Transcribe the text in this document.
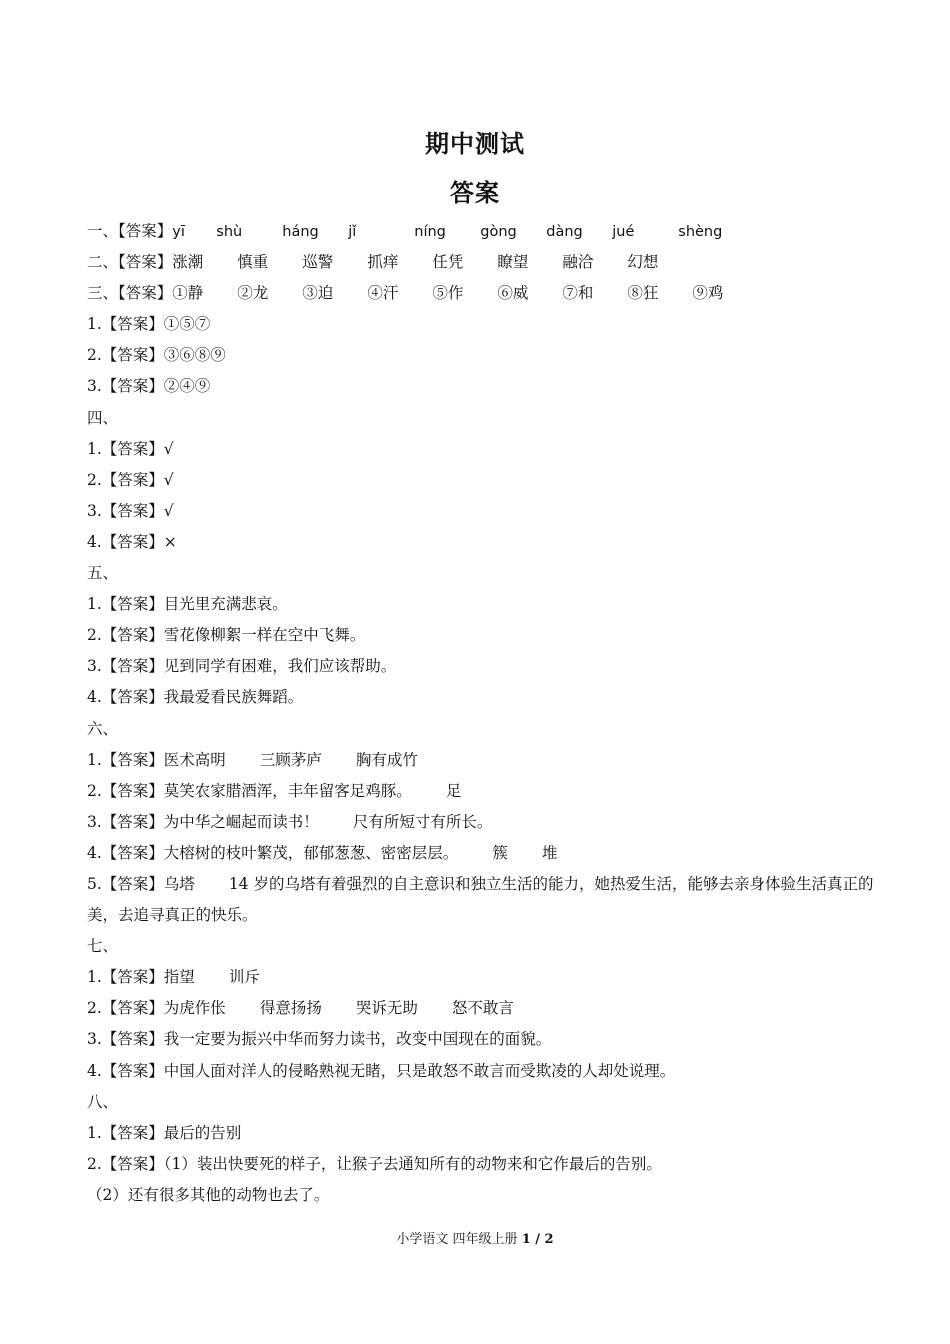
期中测试
答案
一、【答案】yī shù	háng jǐ	níng gòng dàng jué	shèng
二、【答案】涨潮 慎重 巡警 抓痒 任凭 瞭望 融洽 幻想
三、【答案】①静 ②龙 ③迫 ④汗 ⑤作 ⑥威 ⑦和 ⑧狂 ⑨鸡
1.【答案】①⑤⑦
2.【答案】③⑥⑧⑨
3.【答案】②④⑨
四、
1.【答案】√
2.【答案】√
3.【答案】√
4.【答案】×
五、
1.【答案】目光里充满悲哀。
2.【答案】雪花像柳絮一样在空中飞舞。
3.【答案】见到同学有困难，我们应该帮助。
4.【答案】我最爱看民族舞蹈。
六、
1.【答案】医术高明 三顾茅庐 胸有成竹
2.【答案】莫笑农家腊酒浑，丰年留客足鸡豚。 足
3.【答案】为中华之崛起而读书！ 尺有所短寸有所长。
4.【答案】大榕树的枝叶繁茂，郁郁葱葱、密密层层。 簇 堆
5.【答案】乌塔 14 岁的乌塔有着强烈的自主意识和独立生活的能力，她热爱生活，能够去亲身体验生活真正的美，去追寻真正的快乐。
七、
1.【答案】指望 训斥
2.【答案】为虎作伥 得意扬扬 哭诉无助 怒不敢言
3.【答案】我一定要为振兴中华而努力读书，改变中国现在的面貌。
4.【答案】中国人面对洋人的侵略熟视无睹，只是敢怒不敢言而受欺凌的人却处说理。
八、
1.【答案】最后的告别
2.【答案】（1）装出快要死的样子，让猴子去通知所有的动物来和它作最后的告别。
（2）还有很多其他的动物也去了。
小学语文 四年级上册 1 / 2
